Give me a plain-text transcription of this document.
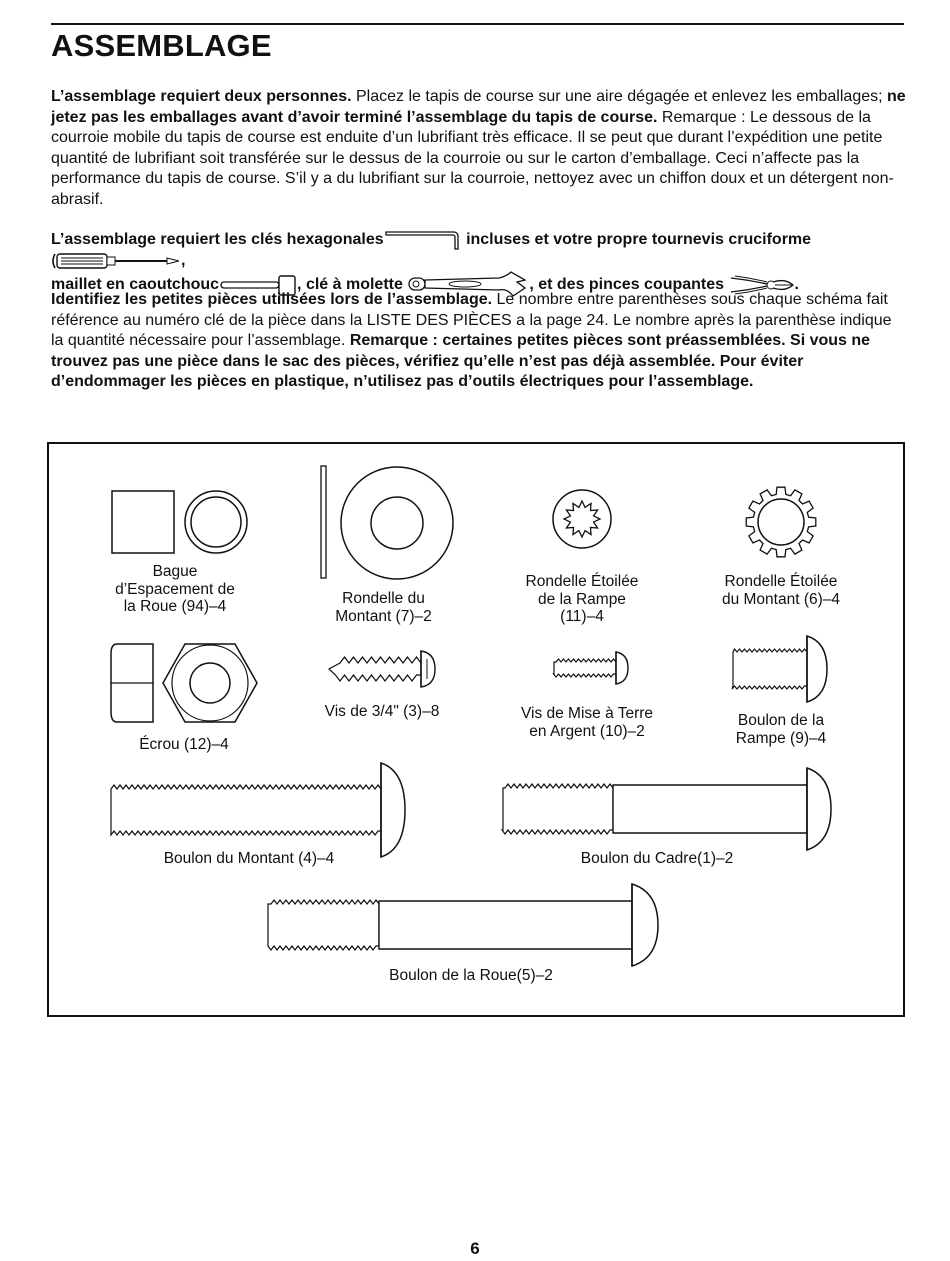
ASSEMBLAGE

L’assemblage requiert deux personnes. Placez le tapis de course sur une aire dégagée et enlevez les emballages; ne jetez pas les emballages avant d’avoir terminé l’assemblage du tapis de course. Remarque : Le dessous de la courroie mobile du tapis de course est enduite d’un lubrifiant très efficace. Il se peut que durant l’expédition une petite quantité de lubrifiant soit transférée sur le dessus de la courroie ou sur le carton d’emballage. Ceci n’affecte pas la performance du tapis de course. S’il y a du lubrifiant sur la courroie, nettoyez avec un chiffon doux et un détergent non-abrasif.

L’assemblage requiert les clés hexagonales	incluses et votre propre tournevis cruciforme ,
maillet en caoutchouc	, clé à molette	, et des pinces coupantes	.

Identifiez les petites pièces utilisées lors de l’assemblage. Le nombre entre parenthèses sous chaque schéma fait référence au numéro clé de la pièce dans la LISTE DES PIÈCES a la page 24. Le nombre après la parenthèse indique la quantité nécessaire pour l’assemblage. Remarque : certaines petites pièces sont préassemblées. Si vous ne trouvez pas une pièce dans le sac des pièces, vérifiez qu’elle n’est pas déjà assemblée. Pour éviter d’endommager les pièces en plastique, n’utilisez pas d’outils électriques pour l’assemblage.

Bague
d’Espacement de
la Roue (94)–4	Rondelle du
Montant (7)–2
Rondelle Étoilée
de la Rampe
(11)–4
Rondelle Étoilée
du Montant (6)–4
Écrou (12)–4
Vis de 3/4" (3)–8	Vis de Mise à Terre
en Argent (10)–2
Boulon de la
Rampe (9)–4
Boulon du Montant (4)–4	Boulon du Cadre(1)–2
Boulon de la Roue(5)–2
6
